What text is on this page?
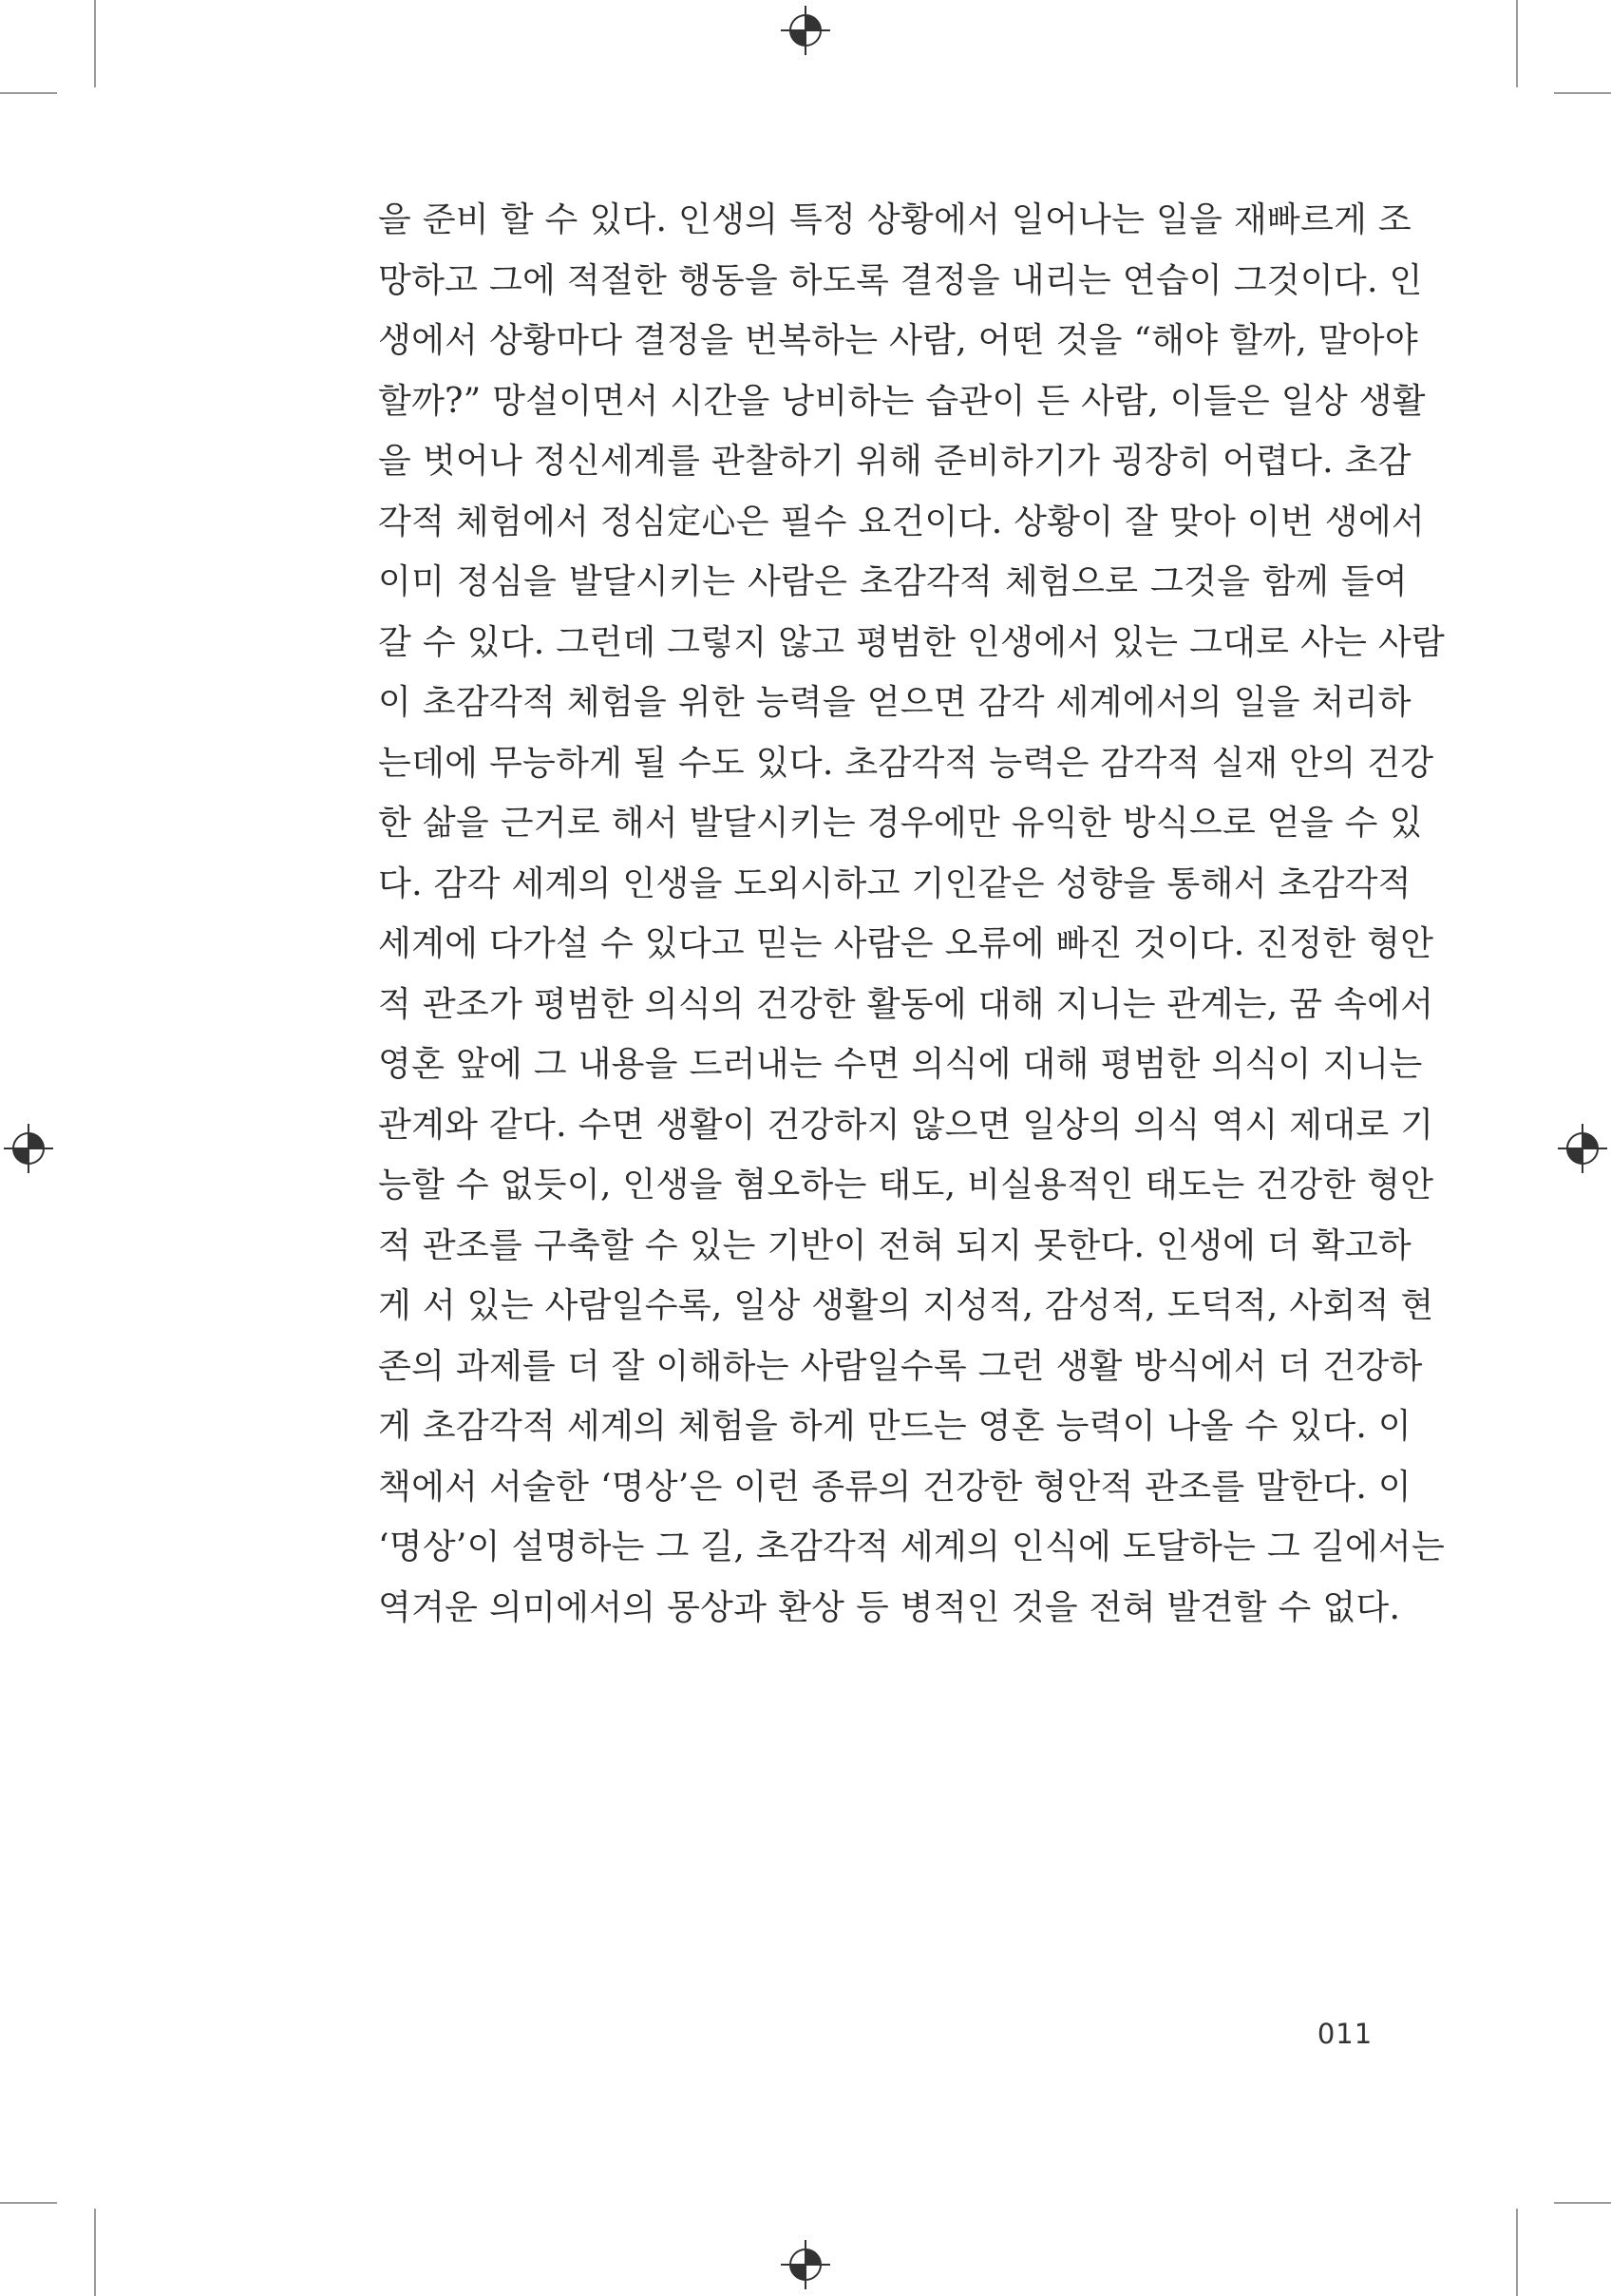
을 준비 할 수 있다. 인생의 특정 상황에서 일어나는 일을 재빠르게 조
망하고 그에 적절한 행동을 하도록 결정을 내리는 연습이 그것이다. 인
생에서 상황마다 결정을 번복하는 사람, 어떤 것을 “해야 할까, 말아야
할까?” 망설이면서 시간을 낭비하는 습관이 든 사람, 이들은 일상 생활
을 벗어나 정신세계를 관찰하기 위해 준비하기가 굉장히 어렵다. 초감
각적 체험에서 정심定心은 필수 요건이다. 상황이 잘 맞아 이번 생에서
이미 정심을 발달시키는 사람은 초감각적 체험으로 그것을 함께 들여
갈 수 있다. 그런데 그렇지 않고 평범한 인생에서 있는 그대로 사는 사람
이 초감각적 체험을 위한 능력을 얻으면 감각 세계에서의 일을 처리하
는데에 무능하게 될 수도 있다. 초감각적 능력은 감각적 실재 안의 건강
한 삶을 근거로 해서 발달시키는 경우에만 유익한 방식으로 얻을 수 있
다. 감각 세계의 인생을 도외시하고 기인같은 성향을 통해서 초감각적
세계에 다가설 수 있다고 믿는 사람은 오류에 빠진 것이다. 진정한 형안
적 관조가 평범한 의식의 건강한 활동에 대해 지니는 관계는, 꿈 속에서
영혼 앞에 그 내용을 드러내는 수면 의식에 대해 평범한 의식이 지니는
관계와 같다. 수면 생활이 건강하지 않으면 일상의 의식 역시 제대로 기
능할 수 없듯이, 인생을 혐오하는 태도, 비실용적인 태도는 건강한 형안
적 관조를 구축할 수 있는 기반이 전혀 되지 못한다. 인생에 더 확고하
게 서 있는 사람일수록, 일상 생활의 지성적, 감성적, 도덕적, 사회적 현
존의 과제를 더 잘 이해하는 사람일수록 그런 생활 방식에서 더 건강하
게 초감각적 세계의 체험을 하게 만드는 영혼 능력이 나올 수 있다. 이
책에서 서술한 ‘명상’은 이런 종류의 건강한 형안적 관조를 말한다. 이
‘명상’이 설명하는 그 길, 초감각적 세계의 인식에 도달하는 그 길에서는
역겨운 의미에서의 몽상과 환상 등 병적인 것을 전혀 발견할 수 없다.
011
